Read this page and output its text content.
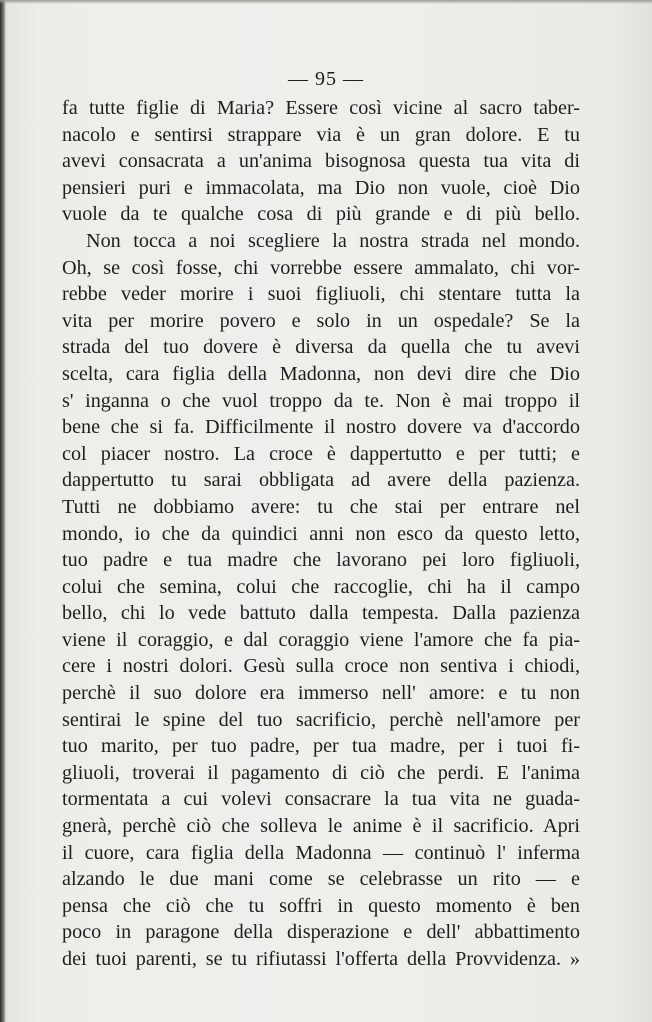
— 95 —
fa tutte figlie di Maria? Essere così vicine al sacro taber-
nacolo e sentirsi strappare via è un gran dolore. E tu
avevi consacrata a un'anima bisognosa questa tua vita di
pensieri puri e immacolata, ma Dio non vuole, cioè Dio
vuole da te qualche cosa di più grande e di più bello.
Non tocca a noi scegliere la nostra strada nel mondo.
Oh, se così fosse, chi vorrebbe essere ammalato, chi vor-
rebbe veder morire i suoi figliuoli, chi stentare tutta la
vita per morire povero e solo in un ospedale? Se la
strada del tuo dovere è diversa da quella che tu avevi
scelta, cara figlia della Madonna, non devi dire che Dio
s' inganna o che vuol troppo da te. Non è mai troppo il
bene che si fa. Difficilmente il nostro dovere va d'accordo
col piacer nostro. La croce è dappertutto e per tutti; e
dappertutto tu sarai obbligata ad avere della pazienza.
Tutti ne dobbiamo avere: tu che stai per entrare nel
mondo, io che da quindici anni non esco da questo letto,
tuo padre e tua madre che lavorano pei loro figliuoli,
colui che semina, colui che raccoglie, chi ha il campo
bello, chi lo vede battuto dalla tempesta. Dalla pazienza
viene il coraggio, e dal coraggio viene l'amore che fa pia-
cere i nostri dolori. Gesù sulla croce non sentiva i chiodi,
perchè il suo dolore era immerso nell' amore: e tu non
sentirai le spine del tuo sacrificio, perchè nell'amore per
tuo marito, per tuo padre, per tua madre, per i tuoi fi-
gliuoli, troverai il pagamento di ciò che perdi. E l'anima
tormentata a cui volevi consacrare la tua vita ne guada-
gnerà, perchè ciò che solleva le anime è il sacrificio. Apri
il cuore, cara figlia della Madonna — continuò l' inferma
alzando le due mani come se celebrasse un rito — e
pensa che ciò che tu soffri in questo momento è ben
poco in paragone della disperazione e dell' abbattimento
dei tuoi parenti, se tu rifiutassi l'offerta della Provvidenza. »
